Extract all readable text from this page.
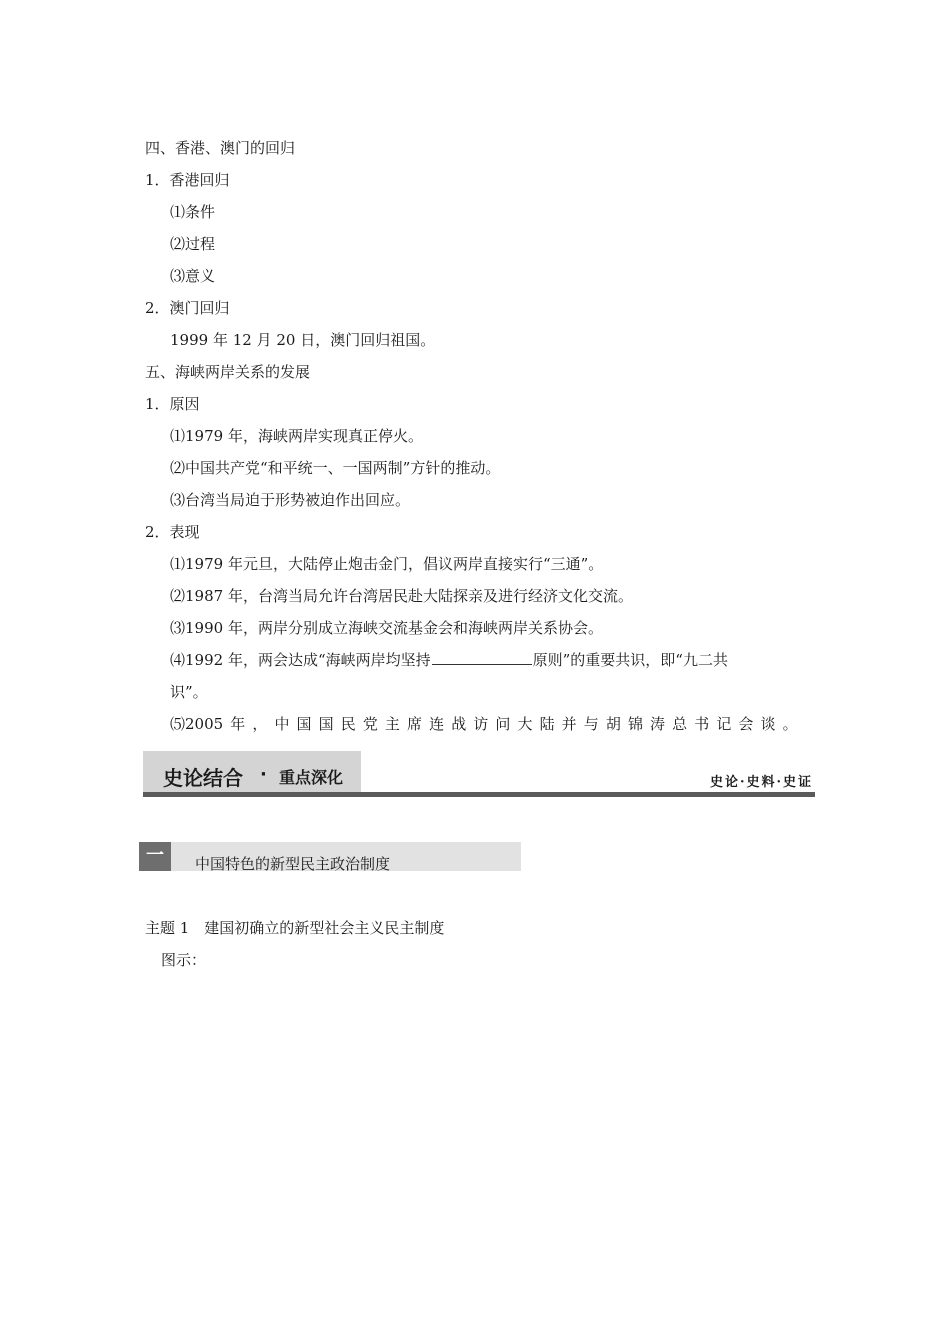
四、香港、澳门的回归
1．香港回归
⑴条件
⑵过程
⑶意义
2．澳门回归
1999 年 12 月 20 日，澳门回归祖国。
五、海峡两岸关系的发展
1．原因
⑴1979 年，海峡两岸实现真正停火。
⑵中国共产党“和平统一、一国两制”方针的推动。
⑶台湾当局迫于形势被迫作出回应。
2．表现
⑴1979 年元旦，大陆停止炮击金门，倡议两岸直接实行“三通”。
⑵1987 年，台湾当局允许台湾居民赴大陆探亲及进行经济文化交流。
⑶1990 年，两岸分别成立海峡交流基金会和海峡两岸关系协会。
⑷1992 年，两会达成“海峡两岸均坚持	原则”的重要共识，即“九二共
识”。
⑸2005 年 ， 中 国 国 民 党 主 席 连 战 访 问 大 陆 并 与 胡 锦 涛 总 书 记 会 谈 。
史论结合 · 重点深化	史论·史料·史证
一	中国特色的新型民主政治制度
主题 1　建国初确立的新型社会主义民主制度
图示：
